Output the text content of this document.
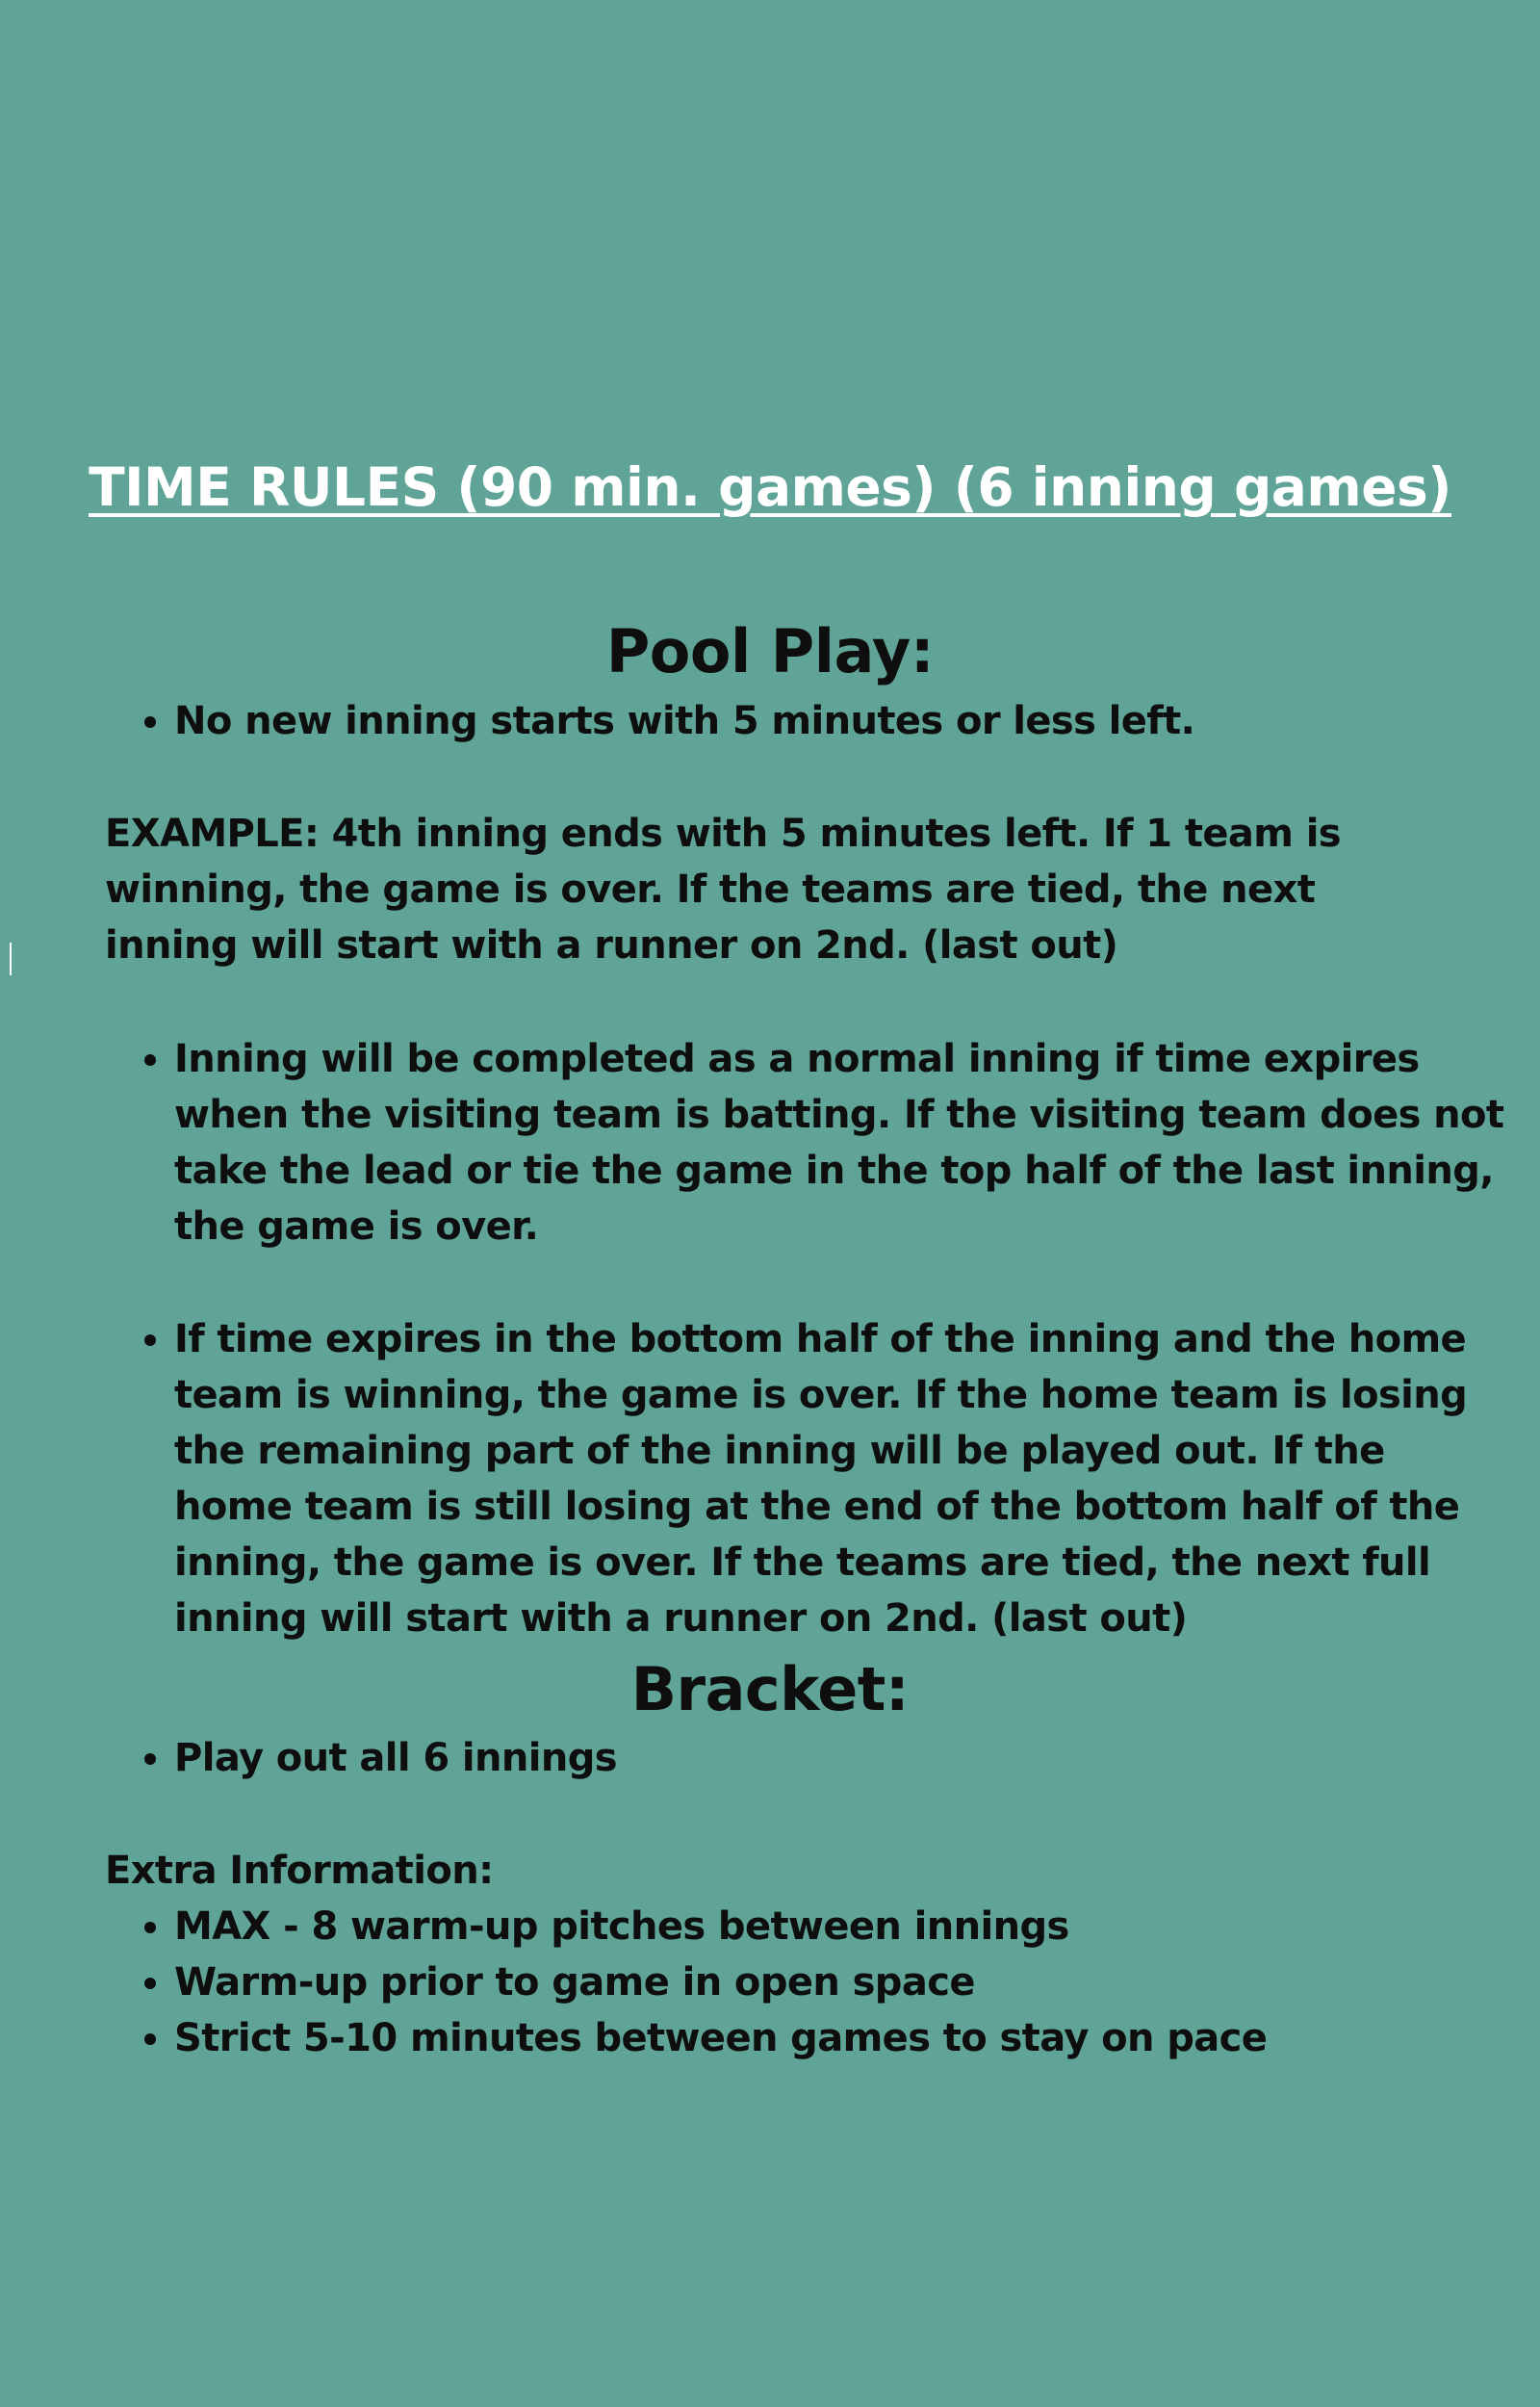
TIME RULES (90 min. games) (6 inning games)
Pool Play:
• No new inning starts with 5 minutes or less left.

EXAMPLE: 4th inning ends with 5 minutes left. If 1 team is winning, the game is over. If the teams are tied, the next inning will start with a runner on 2nd. (last out)

• Inning will be completed as a normal inning if time expires when the visiting team is batting. If the visiting team does not take the lead or tie the game in the top half of the last inning, the game is over.
• If time expires in the bottom half of the inning and the home team is winning, the game is over. If the home team is losing the remaining part of the inning will be played out. If the home team is still losing at the end of the bottom half of the inning, the game is over. If the teams are tied, the next full inning will start with a runner on 2nd. (last out)
Bracket:
• Play out all 6 innings

Extra Information:

• MAX - 8 warm-up pitches between innings
• Warm-up prior to game in open space
• Strict 5-10 minutes between games to stay on pace
